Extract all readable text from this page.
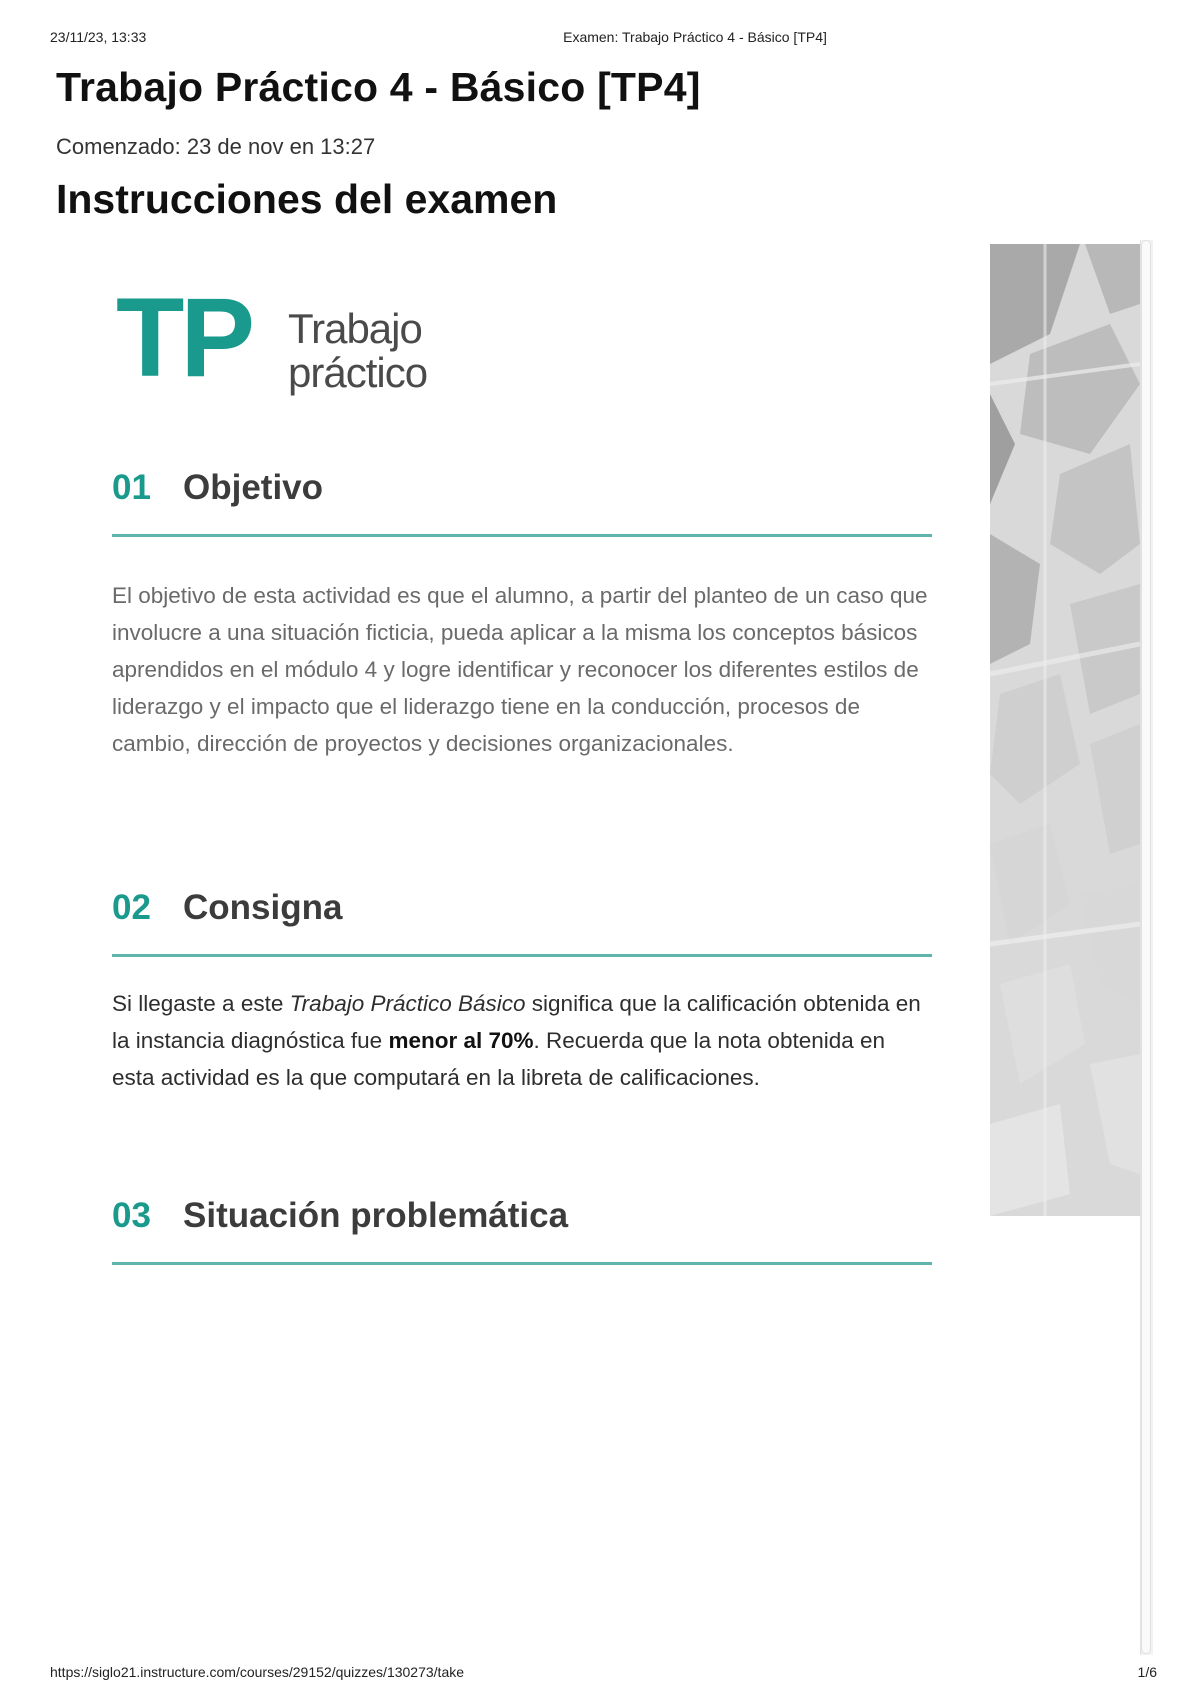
23/11/23, 13:33	Examen: Trabajo Práctico 4 - Básico [TP4]
Trabajo Práctico 4 - Básico [TP4]
Comenzado: 23 de nov en 13:27
Instrucciones del examen
TP Trabajo
práctico
01 Objetivo
El objetivo de esta actividad es que el alumno, a partir del planteo de un caso que involucre a una situación ficticia, pueda aplicar a la misma los conceptos básicos aprendidos en el módulo 4 y logre identificar y reconocer los diferentes estilos de liderazgo y el impacto que el liderazgo tiene en la conducción, procesos de cambio, dirección de proyectos y decisiones organizacionales.
02 Consigna
Si llegaste a este Trabajo Práctico Básico significa que la calificación obtenida en la instancia diagnóstica fue menor al 70%. Recuerda que la nota obtenida en esta actividad es la que computará en la libreta de calificaciones.
03 Situación problemática
https://siglo21.instructure.com/courses/29152/quizzes/130273/take	1/6
